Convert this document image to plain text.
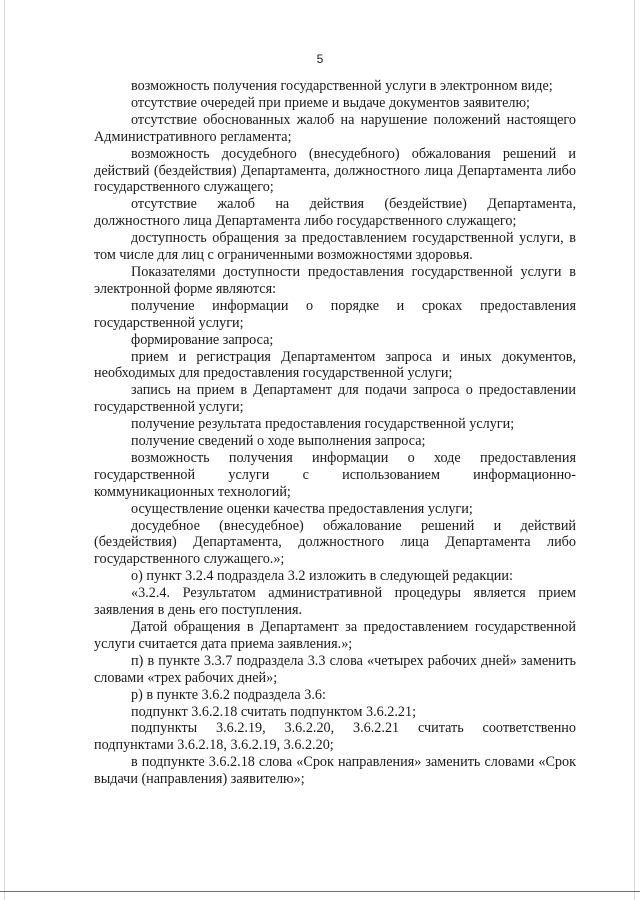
5

возможность получения государственной услуги в электронном виде;

отсутствие очередей при приеме и выдаче документов заявителю;

отсутствие обоснованных жалоб на нарушение положений настоящего Административного регламента;

возможность досудебного (внесудебного) обжалования решений и действий (бездействия) Департамента, должностного лица Департамента либо государственного служащего;

отсутствие жалоб на действия (бездействие) Департамента, должностного лица Департамента либо государственного служащего;

доступность обращения за предоставлением государственной услуги, в том числе для лиц с ограниченными возможностями здоровья.

Показателями доступности предоставления государственной услуги в электронной форме являются:

получение информации о порядке и сроках предоставления государственной услуги;

формирование запроса;

прием и регистрация Департаментом запроса и иных документов, необходимых для предоставления государственной услуги;

запись на прием в Департамент для подачи запроса о предоставлении государственной услуги;

получение результата предоставления государственной услуги;

получение сведений о ходе выполнения запроса;

возможность получения информации о ходе предоставления государственной услуги с использованием информационно-коммуникационных технологий;

осуществление оценки качества предоставления услуги;

досудебное (внесудебное) обжалование решений и действий (бездействия) Департамента, должностного лица Департамента либо государственного служащего.»;

о) пункт 3.2.4 подраздела 3.2 изложить в следующей редакции:

«3.2.4. Результатом административной процедуры является прием заявления в день его поступления.

Датой обращения в Департамент за предоставлением государственной услуги считается дата приема заявления.»;

п) в пункте 3.3.7 подраздела 3.3 слова «четырех рабочих дней» заменить словами «трех рабочих дней»;

р) в пункте 3.6.2 подраздела 3.6:

подпункт 3.6.2.18 считать подпунктом 3.6.2.21;

подпункты 3.6.2.19, 3.6.2.20, 3.6.2.21 считать соответственно подпунктами 3.6.2.18, 3.6.2.19, 3.6.2.20;

в подпункте 3.6.2.18 слова «Срок направления» заменить словами «Срок выдачи (направления) заявителю»;
